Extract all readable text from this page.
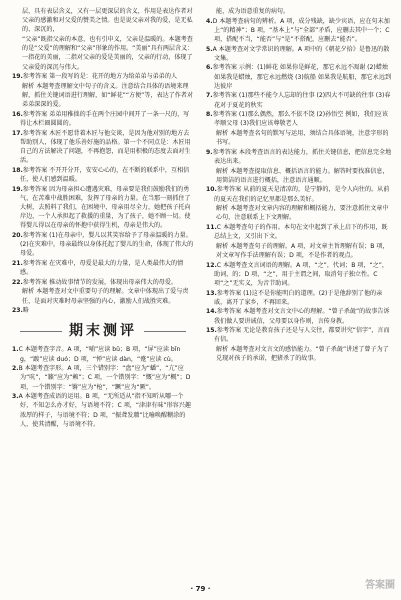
层，具有表层含义，又有一层更深层的含义，作用是表达作者对父亲的感激和对父爱的赞美之情。也是说父亲对我的爱，是无私的、深沉的，
“父亲”既指父亲的本意，也有引申义，父亲是温暖的。本题考查的是“父爱”的理解和“父亲”形象的作用。“美丽”具有两层含义：一指花的美丽，二指对父亲的爱是美丽的，父亲的行动，体现了父亲爱的深沉与伟大。
19.参考答案 第一段写的是：花开的地方为给弟弟与弟弟的人
解析 本题考查理解文中句子的含义。注意结合具体的语境来理解，抓住关键词语进行理解，如“鲜花”“方便”等，表达了作者对弟弟深深的爱。
16.参考答案 弟弟用稚拙的手在两个庄园中间开了一条一尺的，写得让木栏圈圆圆的。
17.参考答案 木匠不愿背着木匠与他交谈，是因为他对别的地方去帮助别人，体现了他乐善好施的品格。第一个不同点是：木匠用自己的方法解决了问题，不再抱怨，而是用积极的态度去面对生活。
18.参考答案 不开开分开，安安心心的，在不断的联系中，互相信任，使人们感到温暖。
19.参考答案 因为母亲担心遭遇灾难，母亲要是我们鼓励我们的勇气，在苦难中战胜困难，发挥了母亲的力量。在当那一刻抓住了大树，去照料了我们，在困境中，母亲用尽全力，她把孩子托向岸边，一个人承担起了救援的重量，为了孩子，她不顾一切。使得婴儿得以在母亲的怀抱中获得生机，母亲是伟大的。
20.参考答案 (1)在母亲中，婴儿以其笑容给予了母亲温暖的力量。(2)在灾难中，母亲最终以身体托起了婴儿的生命，体现了伟大的母爱。
21.参考答案 在灾难中，母爱是最大的力量，是人类最伟大的情感。
22.参考答案 推动故事情节的发展，体现出母亲伟大的母爱。
解析 本题考查对文中重要句子的理解。文章中体现出了爱与责任，是面对灾难时母亲坚强的内心，激励人们战胜灾难。
23.略
期末测评
1.C 本题考查字音。A 项，“哺”应读 bǔ；B 项，“屏”应读 bǐng，“踱”应读 duó；D 项，“惮”应读 dàn，“蹙”应读 cù。
2.B 本题考查字形。A 项，三个错别字：“盘”应为“蟠”，“亢”应为“吭”，“籁”应为“赖”；C 项，一个错别字：“慨”应为“概”；D 项，一个错别字：“锵”应为“枪”，“蹶”应为“厥”。
3.A 本题考查成语的运用。B 项，“无所适从”指不知听从哪一个好，不知怎么办才好，与语境不符；C 项，“津津有味”形容兴趣浓厚的样子，与语境不符；D 项，“振聋发聩”比喻唤醒糊涂的人，使其清醒，与语境不符。
能，成为语意重复的病句。
4.D 本题考查病句的辨析。A 项，成分残缺，缺少宾语，应在句末加上“的精神”；B 项，“基本上”与“全部”矛盾，应删去其中一个；C 项，搭配不当，“能否”与“是”不搭配，应删去“能否”。
5.A 本题考查对文学常识的理解。A 项中的《朝花夕拾》是鲁迅的散文集。
6.参考答案 示例：(1)鲜花 如果你是鲜花，那它永远不凋谢 (2)蜡烛 如果我是蜡烛，那它永远燃烧 (3)航船 如果我是航船，那它永远到达彼岸
7.参考答案 (1)那些不能令人忘却的往事 (2)四大不可缺的往事 (3)春花对于夏花的秋实
8.参考答案 (1)那么偶然，那么不依不饶 (2)孙悟空 例如，我们应该孝顺父母 (3)我们应该尊敬老人
解析 本题考查名句的默写与运用，须结合具体语境，注意字形的书写。
9.参考答案 本段考查语言的表达能力，抓住关键信息，把信息完全地表达出来。
解析 本题考查提取信息、概括语言的能力。解答时要找准信息，用简洁的语言进行概括，注意语言通顺。
10.参考答案 从前的夏天是清凉的，是宁静的，是令人向往的。从前的夏天在我们的记忆里都是那么美好。
解析 本题考查对文章内容的理解和概括能力，要注意抓住文章中心句，注意联系上下文理解。
11.C 本题考查句子的作用。本句在文中起到了承上启下的作用，既总结上文，又引出下文。
解析 本题考查句子的理解。A 项，对文章主旨理解有误；B 项，对文章写作手法理解有误；D 项，不是作者的观点。
12.C 本题考查文言词语的理解。A 项，“之”，代词；B 项，“之”，助词，的；D 项，“之”，用于主谓之间，取消句子独立性。C 项“之”无实义，为音节助词。
13.参考答案 (1)这不是你能明白的道理。(2)于是他辞别了他的亲戚，离开了家乡，不再回来。
14.参考答案 本题考查对文言文中心的理解。“曾子杀彘”的故事告诉我们做人要讲诚信，父母要以身作则，言传身教。
15.参考答案 无论是教育孩子还是与人交往，都要讲究“信字”，言而有信。
解析 本题考查对文言文的感悟能力。“曾子杀彘”讲述了曾子为了兑现对孩子的承诺，把猪杀了的故事。
· 79 ·	答案圈
